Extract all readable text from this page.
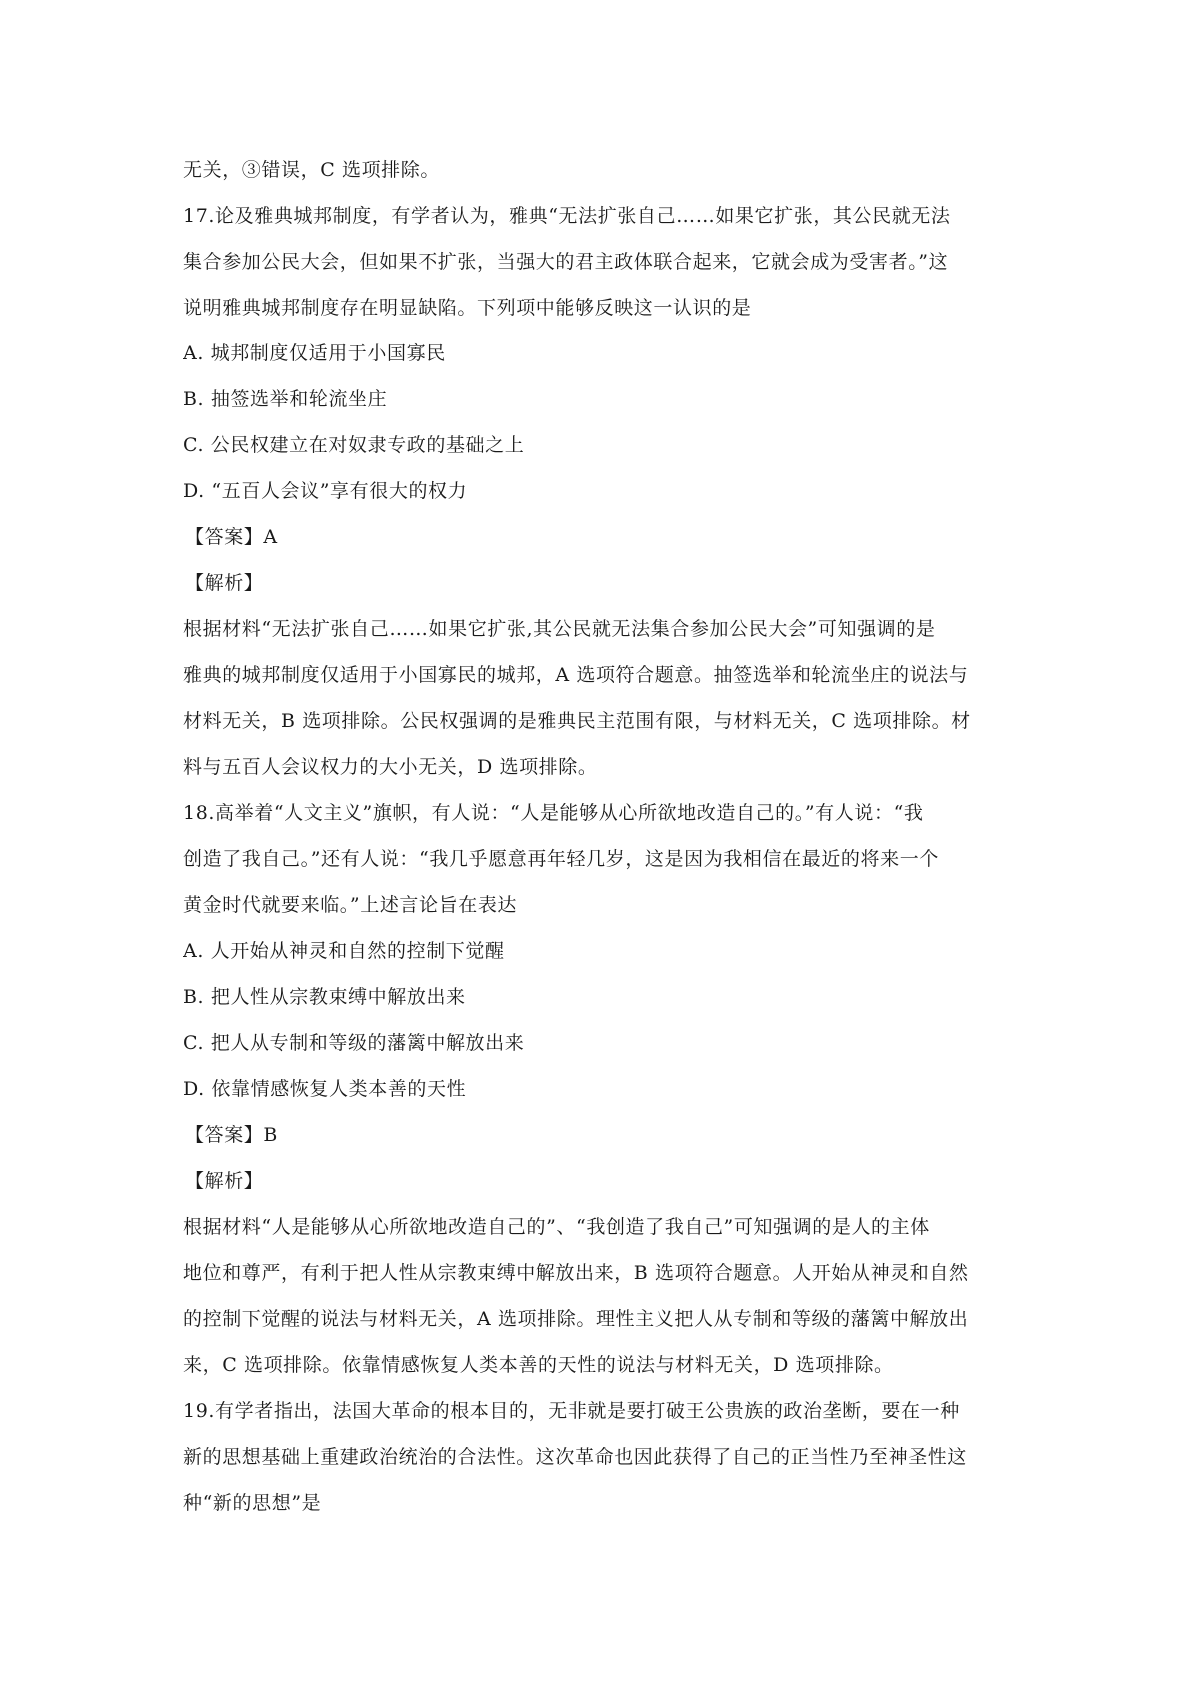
无关，③错误，C 选项排除。
17.论及雅典城邦制度，有学者认为，雅典“无法扩张自己……如果它扩张，其公民就无法
集合参加公民大会，但如果不扩张，当强大的君主政体联合起来，它就会成为受害者。”这
说明雅典城邦制度存在明显缺陷。下列项中能够反映这一认识的是
A. 城邦制度仅适用于小国寡民
B. 抽签选举和轮流坐庄
C. 公民权建立在对奴隶专政的基础之上
D. “五百人会议”享有很大的权力
【答案】A
【解析】
根据材料“无法扩张自己……如果它扩张,其公民就无法集合参加公民大会”可知强调的是
雅典的城邦制度仅适用于小国寡民的城邦，A 选项符合题意。抽签选举和轮流坐庄的说法与
材料无关，B 选项排除。公民权强调的是雅典民主范围有限，与材料无关，C 选项排除。材
料与五百人会议权力的大小无关，D 选项排除。
18.高举着“人文主义”旗帜，有人说：“人是能够从心所欲地改造自己的。”有人说：“我
创造了我自己。”还有人说：“我几乎愿意再年轻几岁，这是因为我相信在最近的将来一个
黄金时代就要来临。”上述言论旨在表达
A. 人开始从神灵和自然的控制下觉醒
B. 把人性从宗教束缚中解放出来
C. 把人从专制和等级的藩篱中解放出来
D. 依靠情感恢复人类本善的天性
【答案】B
【解析】
根据材料“人是能够从心所欲地改造自己的”、“我创造了我自己”可知强调的是人的主体
地位和尊严，有利于把人性从宗教束缚中解放出来，B 选项符合题意。人开始从神灵和自然
的控制下觉醒的说法与材料无关，A 选项排除。理性主义把人从专制和等级的藩篱中解放出
来，C 选项排除。依靠情感恢复人类本善的天性的说法与材料无关，D 选项排除。
19.有学者指出，法国大革命的根本目的，无非就是要打破王公贵族的政治垄断，要在一种
新的思想基础上重建政治统治的合法性。这次革命也因此获得了自己的正当性乃至神圣性这
种“新的思想”是
